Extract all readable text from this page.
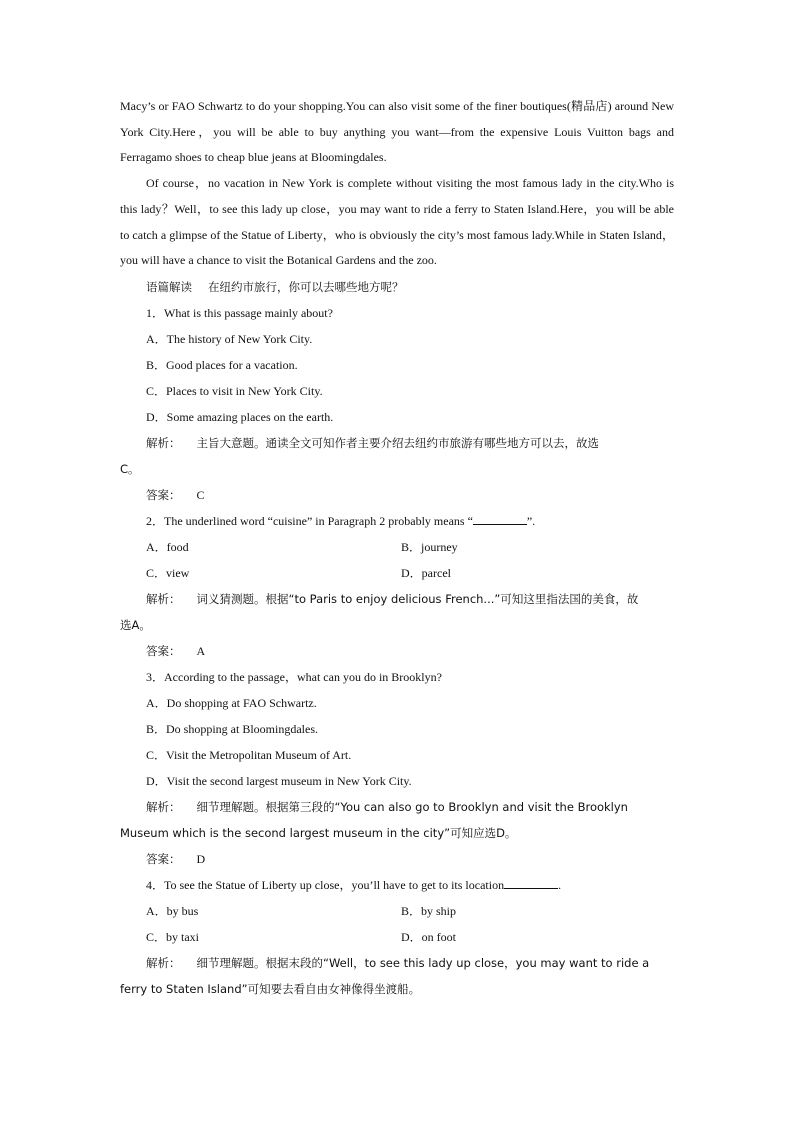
Macy’s or FAO Schwartz to do your shopping.You can also visit some of the finer boutiques(精品店) around New York City.Here，you will be able to buy anything you want—from the expensive Louis Vuitton bags and Ferragamo shoes to cheap blue jeans at Bloomingdales.

Of course，no vacation in New York is complete without visiting the most famous lady in the city.Who is this lady？Well，to see this lady up close，you may want to ride a ferry to Staten Island.Here，you will be able to catch a glimpse of the Statue of Liberty，who is obviously the city’s most famous lady.While in Staten Island，you will have a chance to visit the Botanical Gardens and the zoo.

语篇解读 在纽约市旅行，你可以去哪些地方呢？
1．What is this passage mainly about?
A．The history of New York City.
B．Good places for a vacation.
C．Places to visit in New York City.
D．Some amazing places on the earth.
解析： 主旨大意题。通读全文可知作者主要介绍去纽约市旅游有哪些地方可以去，故选
C。
答案： C
2．The underlined word “cuisine” in Paragraph 2 probably means “	”.
A．food	B．journey
C．view	D．parcel
解析： 词义猜测题。根据“to Paris to enjoy delicious French...”可知这里指法国的美食，故
选A。
答案： A
3．According to the passage，what can you do in Brooklyn?
A．Do shopping at FAO Schwartz.
B．Do shopping at Bloomingdales.
C．Visit the Metropolitan Museum of Art.
D．Visit the second largest museum in New York City.
解析： 细节理解题。根据第三段的“You can also go to Brooklyn and visit the Brooklyn
Museum which is the second largest museum in the city”可知应选D。
答案： D
4．To see the Statue of Liberty up close，you’ll have to get to its location	.
A．by bus	B．by ship
C．by taxi	D．on foot
解析： 细节理解题。根据末段的“Well，to see this lady up close，you may want to ride a
ferry to Staten Island”可知要去看自由女神像得坐渡船。
